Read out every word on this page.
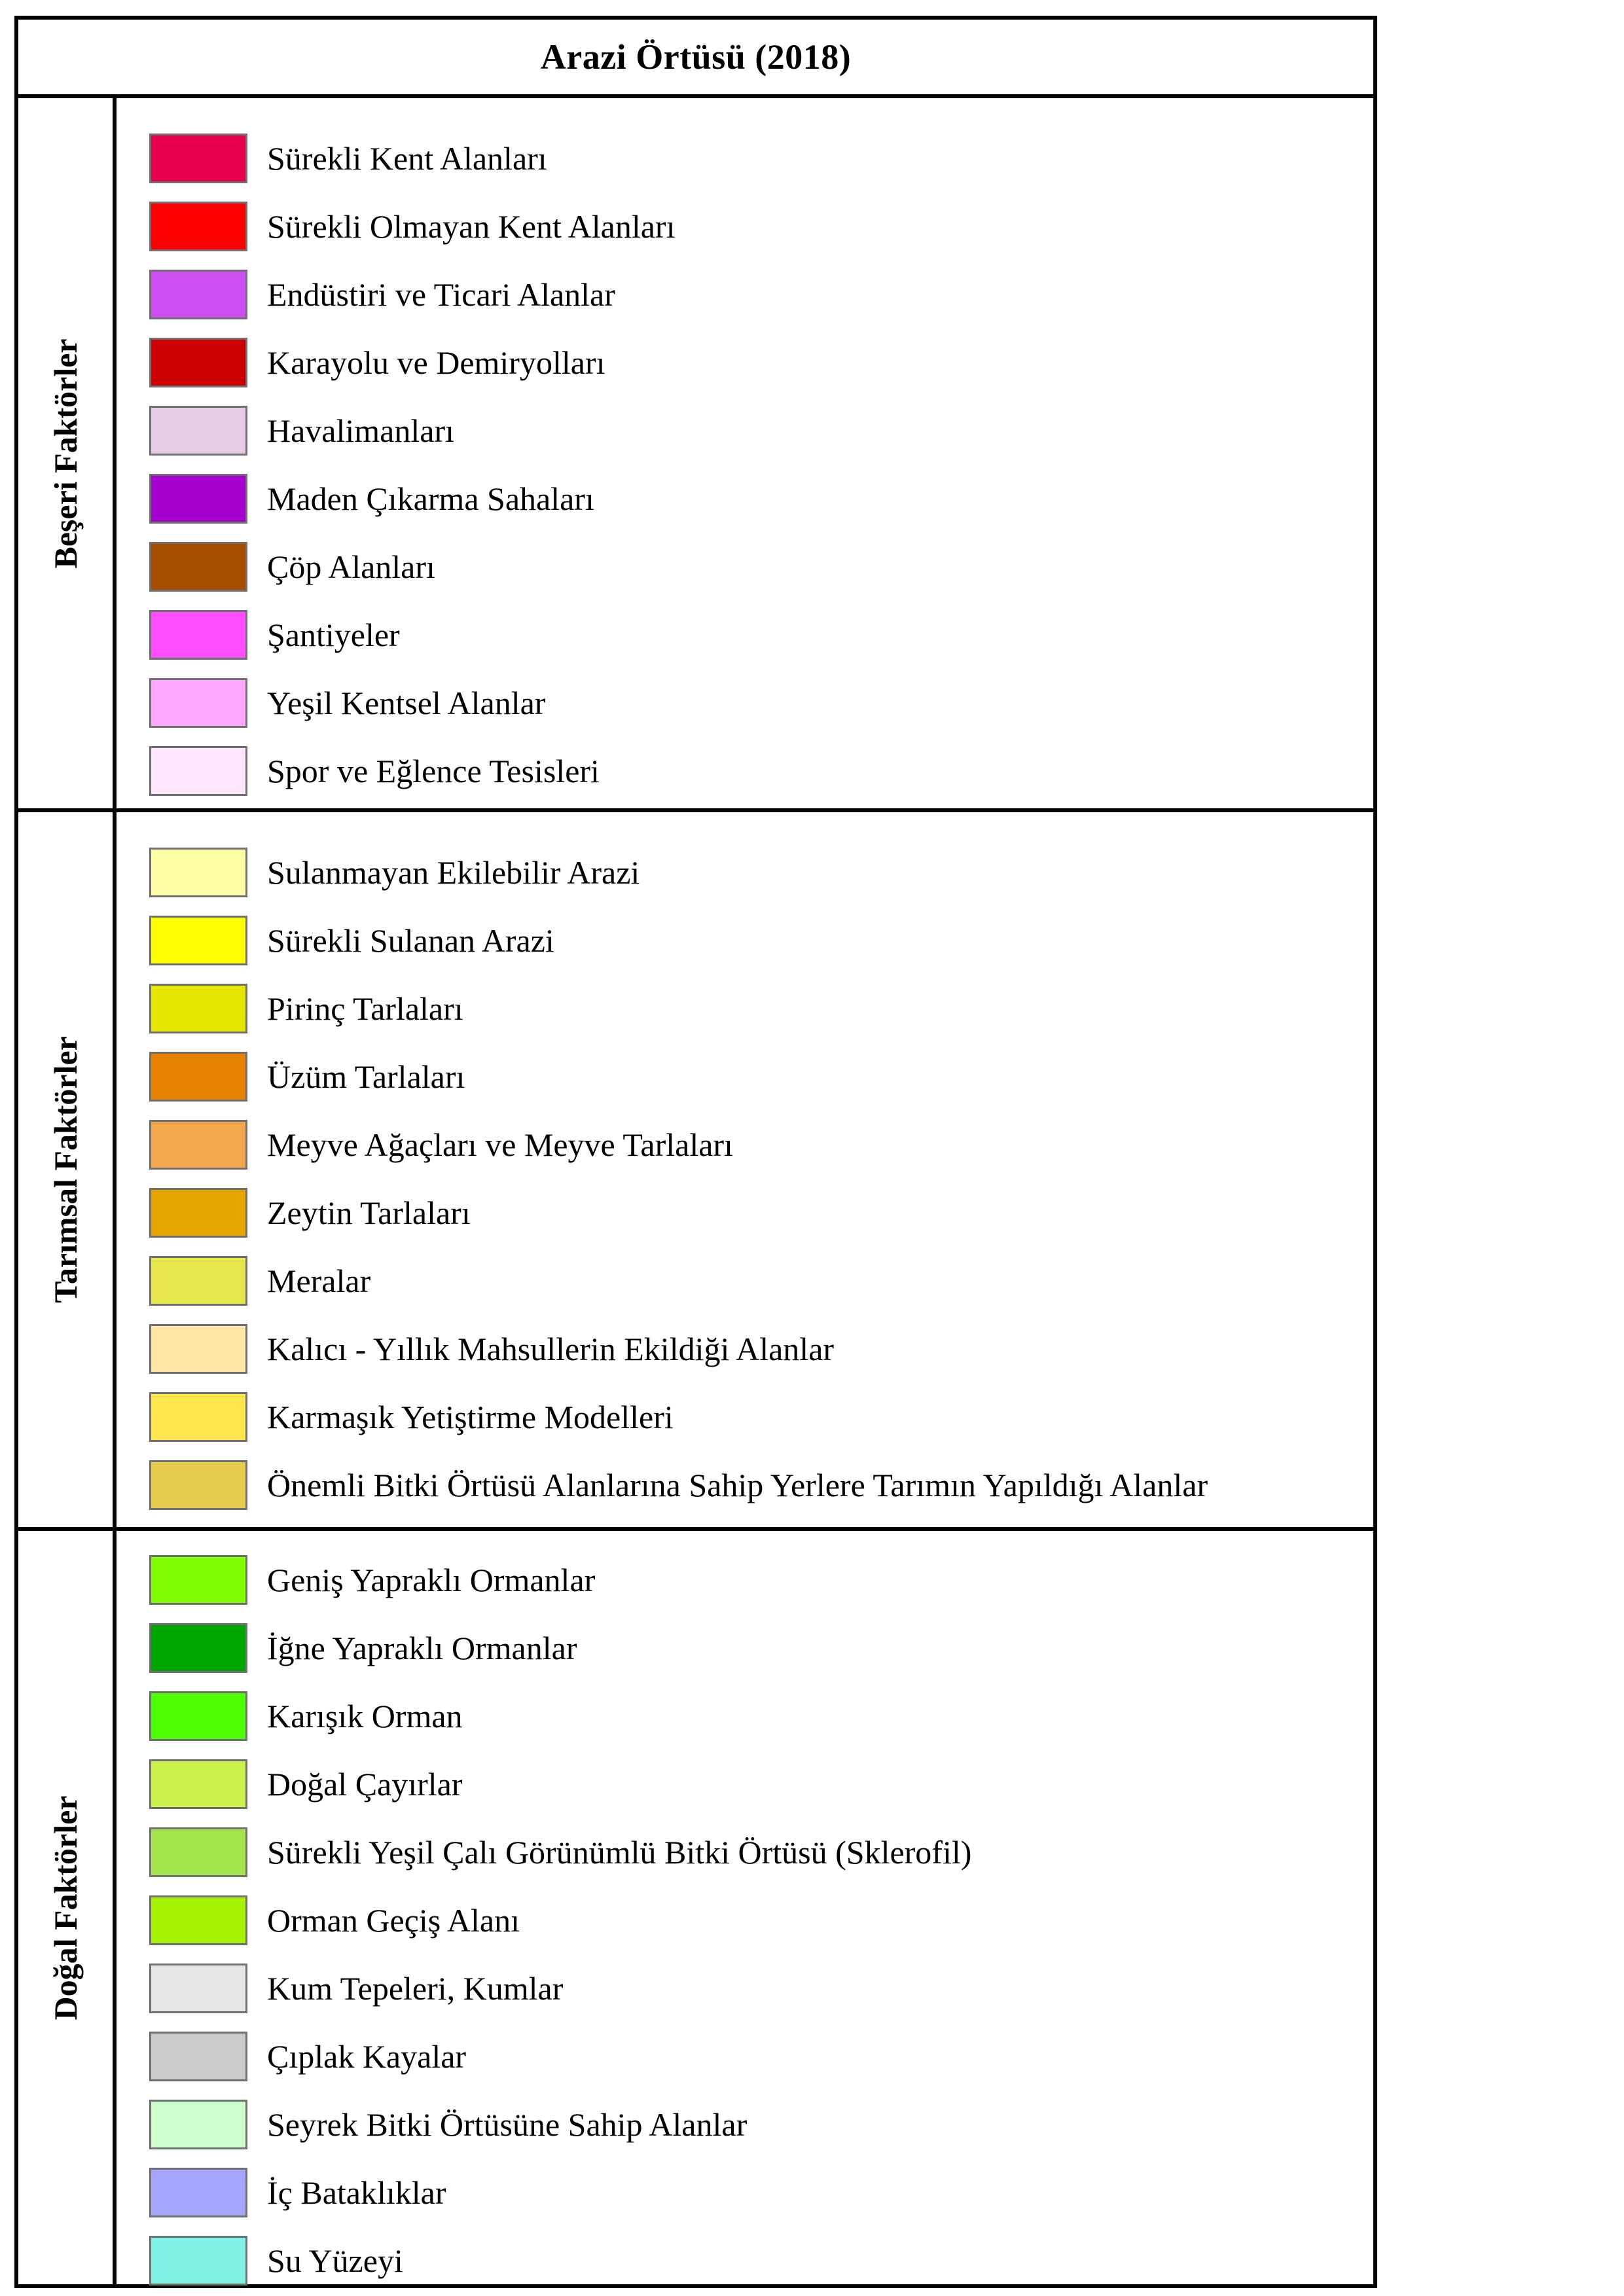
Arazi Örtüsü (2018)
Beşeri Faktörler
Sürekli Kent Alanları
Sürekli Olmayan Kent Alanları
Endüstiri ve Ticari Alanlar
Karayolu ve Demiryolları
Havalimanları
Maden Çıkarma Sahaları
Çöp Alanları
Şantiyeler
Yeşil Kentsel Alanlar
Spor ve Eğlence Tesisleri
Tarımsal Faktörler
Sulanmayan Ekilebilir Arazi
Sürekli Sulanan Arazi
Pirinç Tarlaları
Üzüm Tarlaları
Meyve Ağaçları ve Meyve Tarlaları
Zeytin Tarlaları
Meralar
Kalıcı - Yıllık Mahsullerin Ekildiği Alanlar
Karmaşık Yetiştirme Modelleri
Önemli Bitki Örtüsü Alanlarına Sahip Yerlere Tarımın Yapıldığı Alanlar
Doğal Faktörler
Geniş Yapraklı Ormanlar
İğne Yapraklı Ormanlar
Karışık Orman
Doğal Çayırlar
Sürekli Yeşil Çalı Görünümlü Bitki Örtüsü (Sklerofil)
Orman Geçiş Alanı
Kum Tepeleri, Kumlar
Çıplak Kayalar
Seyrek Bitki Örtüsüne Sahip Alanlar
İç Bataklıklar
Su Yüzeyi
